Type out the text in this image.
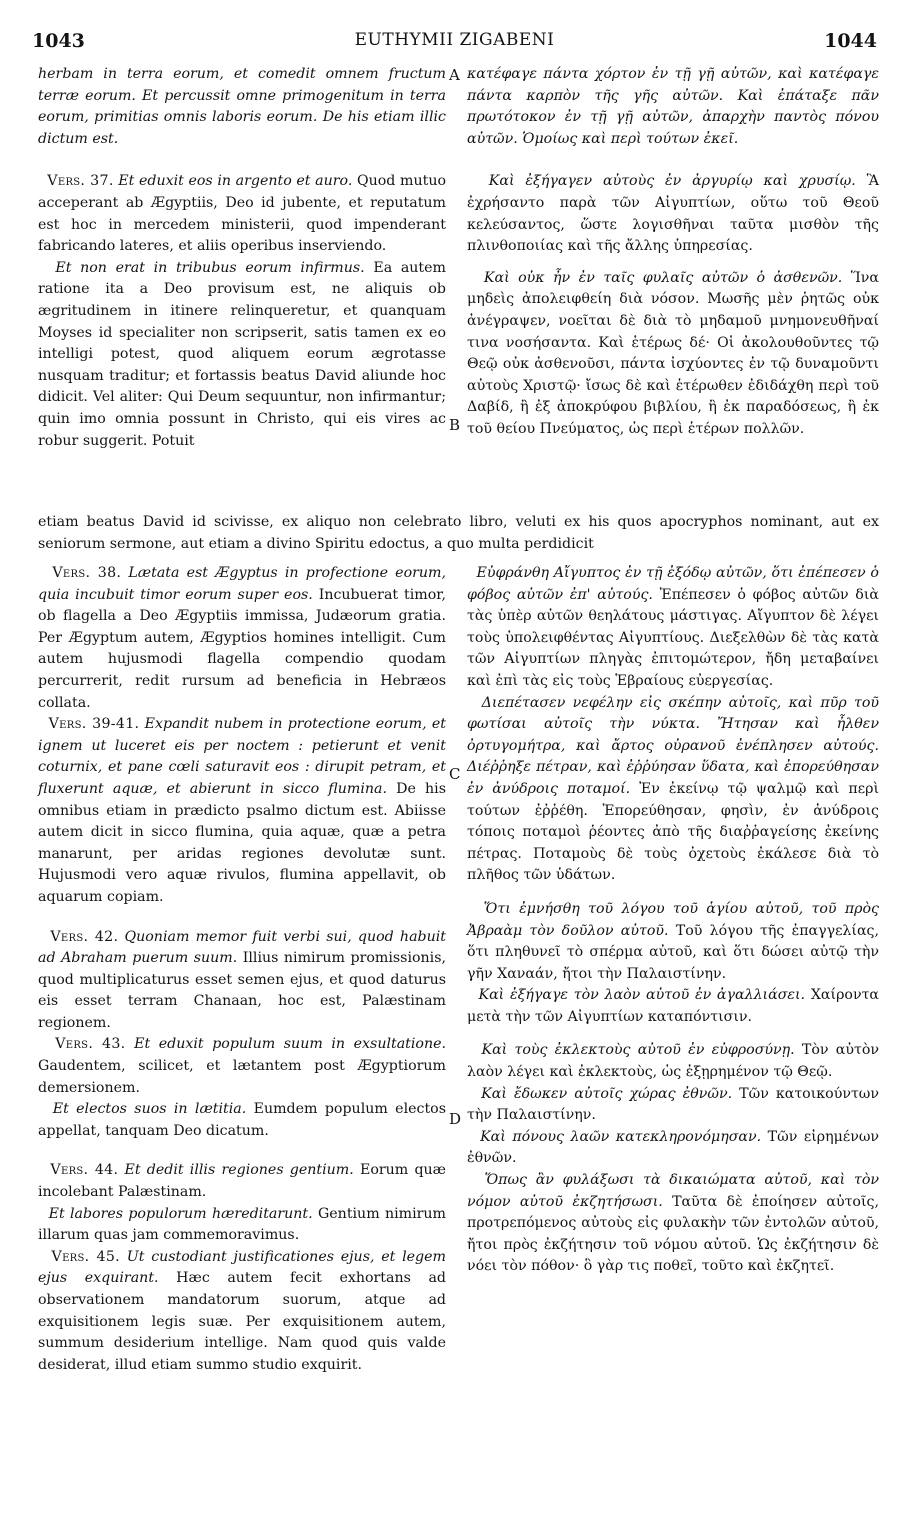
1043	EUTHYMII ZIGABENI	1044
A
B
C
D

herbam in terra eorum, et comedit omnem fructum terræ eorum. Et percussit omne primogenitum in terra eorum, primitias omnis laboris eorum. De his etiam illic dictum est.

Vers. 37. Et eduxit eos in argento et auro. Quod mutuo acceperant ab Ægyptiis, Deo id jubente, et reputatum est hoc in mercedem ministerii, quod impenderant fabricando lateres, et aliis operibus inserviendo.

Et non erat in tribubus eorum infirmus. Ea autem ratione ita a Deo provisum est, ne aliquis ob ægritudinem in itinere relinqueretur, et quanquam Moyses id specialiter non scripserit, satis tamen ex eo intelligi potest, quod aliquem eorum ægrotasse nusquam traditur; et fortassis beatus David aliunde hoc didicit. Vel aliter: Qui Deum sequuntur, non infirmantur; quin imo omnia possunt in Christo, qui eis vires ac robur suggerit. Potuit

κατέφαγε πάντα χόρτον ἐν τῇ γῇ αὐτῶν, καὶ κατέφαγε πάντα καρπὸν τῆς γῆς αὐτῶν. Καὶ ἐπάταξε πᾶν πρωτότοκον ἐν τῇ γῇ αὐτῶν, ἀπαρχὴν παντὸς πόνου αὐτῶν. Ὁμοίως καὶ περὶ τούτων ἐκεῖ.

Καὶ ἐξήγαγεν αὐτοὺς ἐν ἀργυρίῳ καὶ χρυσίῳ. Ἃ ἐχρήσαντο παρὰ τῶν Αἰγυπτίων, οὕτω τοῦ Θεοῦ κελεύσαντος, ὥστε λογισθῆναι ταῦτα μισθὸν τῆς πλινθοποιίας καὶ τῆς ἄλλης ὑπηρεσίας.

Καὶ οὐκ ἦν ἐν ταῖς φυλαῖς αὐτῶν ὁ ἀσθενῶν. Ἵνα μηδεὶς ἀπολειφθείη διὰ νόσον. Μωσῆς μὲν ῥητῶς οὐκ ἀνέγραψεν, νοεῖται δὲ διὰ τὸ μηδαμοῦ μνημονευθῆναί τινα νοσήσαντα. Καὶ ἑτέρως δέ· Οἱ ἀκολουθοῦντες τῷ Θεῷ οὐκ ἀσθενοῦσι, πάντα ἰσχύοντες ἐν τῷ δυναμοῦντι αὐτοὺς Χριστῷ· ἴσως δὲ καὶ ἑτέρωθεν ἐδιδάχθη περὶ τοῦ Δαβίδ, ἢ ἐξ ἀποκρύφου βιβλίου, ἢ ἐκ παραδόσεως, ἢ ἐκ τοῦ θείου Πνεύματος, ὡς περὶ ἑτέρων πολλῶν.

etiam beatus David id scivisse, ex aliquo non celebrato libro, veluti ex his quos apocryphos nominant, aut ex seniorum sermone, aut etiam a divino Spiritu edoctus, a quo multa perdidicit

Vers. 38. Lætata est Ægyptus in profectione eorum, quia incubuit timor eorum super eos. Incubuerat timor, ob flagella a Deo Ægyptiis immissa, Judæorum gratia. Per Ægyptum autem, Ægyptios homines intelligit. Cum autem hujusmodi flagella compendio quodam percurrerit, redit rursum ad beneficia in Hebræos collata.

Vers. 39-41. Expandit nubem in protectione eorum, et ignem ut luceret eis per noctem : petierunt et venit coturnix, et pane cœli saturavit eos : dirupit petram, et fluxerunt aquæ, et abierunt in sicco flumina. De his omnibus etiam in prædicto psalmo dictum est. Abiisse autem dicit in sicco flumina, quia aquæ, quæ a petra manarunt, per aridas regiones devolutæ sunt. Hujusmodi vero aquæ rivulos, flumina appellavit, ob aquarum copiam.

Vers. 42. Quoniam memor fuit verbi sui, quod habuit ad Abraham puerum suum. Illius nimirum promissionis, quod multiplicaturus esset semen ejus, et quod daturus eis esset terram Chanaan, hoc est, Palæstinam regionem.

Vers. 43. Et eduxit populum suum in exsultatione. Gaudentem, scilicet, et lætantem post Ægyptiorum demersionem.

Et electos suos in lætitia. Eumdem populum electos appellat, tanquam Deo dicatum.

Vers. 44. Et dedit illis regiones gentium. Eorum quæ incolebant Palæstinam.

Et labores populorum hæreditarunt. Gentium nimirum illarum quas jam commemoravimus.

Vers. 45. Ut custodiant justificationes ejus, et legem ejus exquirant. Hæc autem fecit exhortans ad observationem mandatorum suorum, atque ad exquisitionem legis suæ. Per exquisitionem autem, summum desiderium intellige. Nam quod quis valde desiderat, illud etiam summo studio exquirit.

Εὐφράνθη Αἴγυπτος ἐν τῇ ἐξόδῳ αὐτῶν, ὅτι ἐπέπεσεν ὁ φόβος αὐτῶν ἐπ' αὐτούς. Ἐπέπεσεν ὁ φόβος αὐτῶν διὰ τὰς ὑπὲρ αὐτῶν θεηλάτους μάστιγας. Αἴγυπτον δὲ λέγει τοὺς ὑπολειφθέντας Αἰγυπτίους. Διεξελθὼν δὲ τὰς κατὰ τῶν Αἰγυπτίων πληγὰς ἐπιτομώτερον, ἤδη μεταβαίνει καὶ ἐπὶ τὰς εἰς τοὺς Ἑβραίους εὐεργεσίας.

Διεπέτασεν νεφέλην εἰς σκέπην αὐτοῖς, καὶ πῦρ τοῦ φωτίσαι αὐτοῖς τὴν νύκτα. Ἤτησαν καὶ ἦλθεν ὀρτυγομήτρα, καὶ ἄρτος οὐρανοῦ ἐνέπλησεν αὐτούς. Διέῤῥηξε πέτραν, καὶ ἐῤῥύησαν ὕδατα, καὶ ἐπορεύθησαν ἐν ἀνύδροις ποταμοί. Ἐν ἐκείνῳ τῷ ψαλμῷ καὶ περὶ τούτων ἐῤῥέθη. Ἐπορεύθησαν, φησὶν, ἐν ἀνύδροις τόποις ποταμοὶ ῥέοντες ἀπὸ τῆς διαῤῥαγείσης ἐκείνης πέτρας. Ποταμοὺς δὲ τοὺς ὀχετοὺς ἐκάλεσε διὰ τὸ πλῆθος τῶν ὑδάτων.

Ὅτι ἐμνήσθη τοῦ λόγου τοῦ ἁγίου αὐτοῦ, τοῦ πρὸς Ἀβραὰμ τὸν δοῦλον αὐτοῦ. Τοῦ λόγου τῆς ἐπαγγελίας, ὅτι πληθυνεῖ τὸ σπέρμα αὐτοῦ, καὶ ὅτι δώσει αὐτῷ τὴν γῆν Χαναάν, ἤτοι τὴν Παλαιστίνην.

Καὶ ἐξήγαγε τὸν λαὸν αὐτοῦ ἐν ἀγαλλιάσει. Χαίροντα μετὰ τὴν τῶν Αἰγυπτίων καταπόντισιν.

Καὶ τοὺς ἐκλεκτοὺς αὐτοῦ ἐν εὐφροσύνῃ. Τὸν αὐτὸν λαὸν λέγει καὶ ἐκλεκτοὺς, ὡς ἐξῃρημένον τῷ Θεῷ.

Καὶ ἔδωκεν αὐτοῖς χώρας ἐθνῶν. Τῶν κατοικούντων τὴν Παλαιστίνην.

Καὶ πόνους λαῶν κατεκληρονόμησαν. Τῶν εἰρημένων ἐθνῶν.

Ὅπως ἂν φυλάξωσι τὰ δικαιώματα αὐτοῦ, καὶ τὸν νόμον αὐτοῦ ἐκζητήσωσι. Ταῦτα δὲ ἐποίησεν αὐτοῖς, προτρεπόμενος αὐτοὺς εἰς φυλακὴν τῶν ἐντολῶν αὐτοῦ, ἤτοι πρὸς ἐκζήτησιν τοῦ νόμου αὐτοῦ. Ὡς ἐκζήτησιν δὲ νόει τὸν πόθον· ὃ γὰρ τις ποθεῖ, τοῦτο καὶ ἐκζητεῖ.
